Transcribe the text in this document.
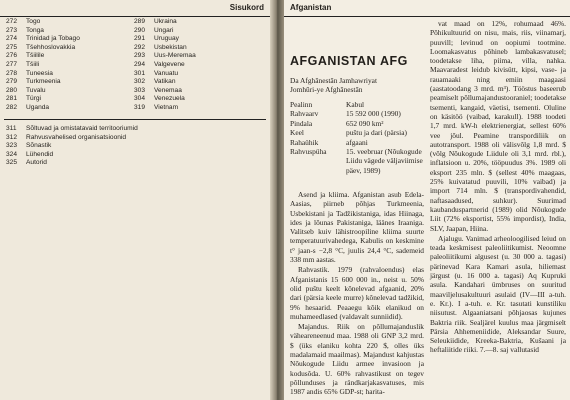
Sisukord
272	Togo
273	Tonga
274	Trinidad ja Tobago
275	Tšehhoslovakkia
276	Tšiilile
277	Tšiili
278	Tuneesia
279	Turkmeenia
280	Tuvalu
281	Türgi
282	Uganda
289	Ukraina
290	Ungari
291	Uruguay
292	Usbekistan
293	Uus-Meremaa
294	Valgevene
301	Vanuatu
302	Vatikan
303	Venemaa
304	Venezuela
319	Vietnam
311	Sõltuvad ja omistatavaid territooriumid
312	Rahvusvahelised organisatsioonid
323	Sõnastik
324	Lühendid
325	Autorid
Afganistan
AFGANISTAN AFG
Da Afghānestān Jamhawriyat
Jomhūri-ye Afghānestān
Pealinn	Kabul
Rahvaarv	15 592 000 (1990)
Pindala	652 090 km²
Keel	puštu ja dari (pärsia)
Rahaühik	afgaani
Rahvuspüha	15. veebruar (Nõukogude Liidu vägede väljaviimise päev, 1989)

Asend ja kliima. Afganistan asub Edela-Aasias, piirneb põhjas Turkmeenia, Usbekistani ja Tadžikistaniga, idas Hiinaga, ides ja lõunas Pakistaniga, läänes Iraaniga. Valitseb kuiv lähistroopiline kliima suurte temperatuurivahedega, Kabulis on keskmine t° jaan-s −2,8 °C, juulis 24,4 °C, sademeid 338 mm aastas.

Rahvastik. 1979 (rahvaloendus) elas Afganistanis 15 600 000 in., neist u. 50% olid puštu keelt kõnelevad afgaanid, 20% dari (pärsia keele murre) kõnelevad tadžikid, 9% hesaarid. Peaaegu kõik elanikud on muhameedlased (valdavalt sunniidid).

Majandus. Riik on põllumajanduslik väheareneenud maa. 1988 oli GNP 3,2 mrd. $ (üks elaniku kohta 220 $, olles üks madalamaid maailmas). Majandust kahjustas Nõukogude Liidu armee invasioon ja kodusõda. U. 60% rahvastikust on tegev põllunduses ja rändkarjakasvatuses, mis 1987 andis 65% GDP-st; harita-

vat maad on 12%, rohumaad 46%. Põhikultuurid on nisu, mais, riis, viinamarj, puuvill; levinud on oopiumi tootmine. Loomakasvatus põhineb lambakasvatusel; toodetakse liha, piima, villa, nahka. Maavaradest leidub kivisütt, kipsi, vase- ja rauamaaki ning emiin maagaasi (aastatoodang 3 mrd. m³). Tööstus baseerub peamiselt põllumajandustooraniel; toodetakse tsementi, kangaid, väetisi, tsementi. Oluline on käsitöö (vaibad, karakull). 1988 toodeti 1,7 mrd. kW-h elektrienergiat, sellest 60% vee jõul. Peamine transpordiliik on autotransport. 1988 oli välisvõlg 1,8 mrd. $ (võlg Nõukogude Liidule oli 3,1 mrd. rbl.), inflatsioon u. 20%, tööpuudus 3%. 1989 oli eksport 235 mln. $ (sellest 40% maagaas, 25% kuivatatud puuvili, 10% vaibad) ja import 714 mln. $ (transpordivahendid, naftasaadused, suhkur). Suurimad kaubanduspartnerid (1989) olid Nõukogude Liit (72% eksportist, 55% impordist), India, SLV, Jaapan, Hiina.

Ajalugu. Vanimad arheoloogilised leiud on teada keskmisest paleoliitikumist. Neoomne paleoliitikumi algusest (u. 30 000 a. tagasi) pärinevad Kara Kamari asula, hiliemast järgust (u. 16 000 a. tagasi) Aq Kupruki asula. Kandahari ümbruses on suuritud maaviljelusakultuuri asulaid (IV—III a-tuh. e. Kr.). I a-tuh. e. Kr. tasutati kunstiliku niisutust. Algaaniatsani põhjaosas kujunes Baktria riik. Sealjärel kuulus maa järgmiselt Pärsia Ahhemeniidide, Aleksandar Suure, Seleukiidide, Kreeka-Baktria, Kušaani ja heftaliitide riiki. 7.—8. saj vallutasid
